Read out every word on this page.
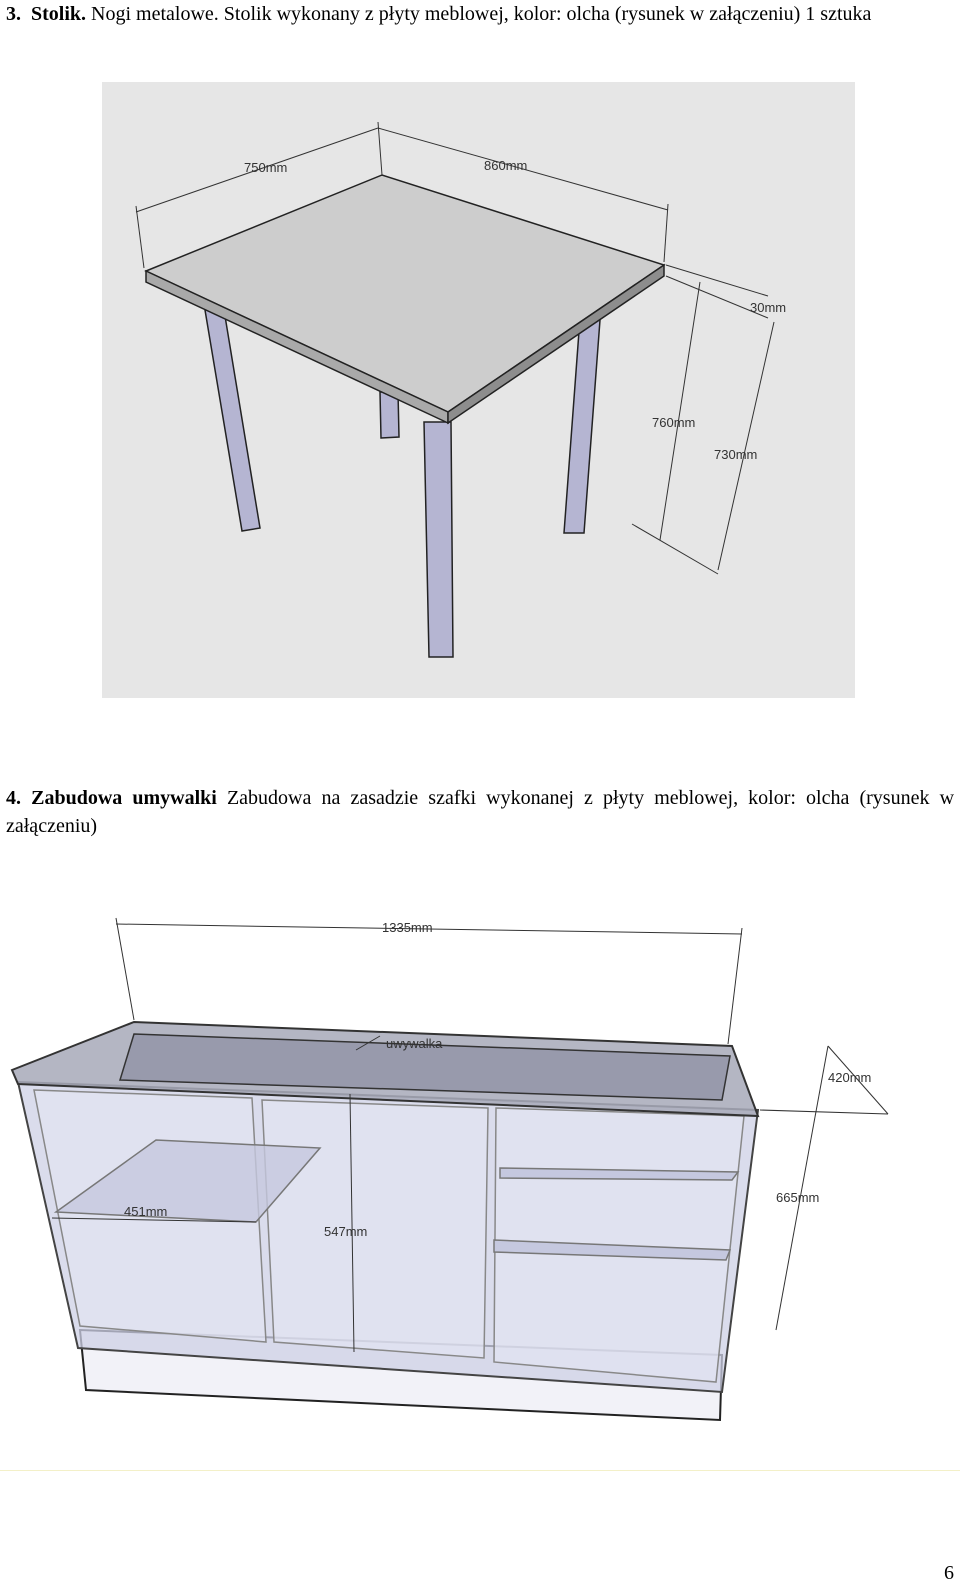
3. Stolik. Nogi metalowe. Stolik wykonany z płyty meblowej, kolor: olcha (rysunek w załączeniu) 1 sztuka
750mm	860mm
30mm
760mm
730mm
4. Zabudowa umywalki Zabudowa na zasadzie szafki wykonanej z płyty meblowej, kolor: olcha (rysunek w załączeniu)
1335mm
uwywalka
420mm
665mm
451mm
547mm
6
